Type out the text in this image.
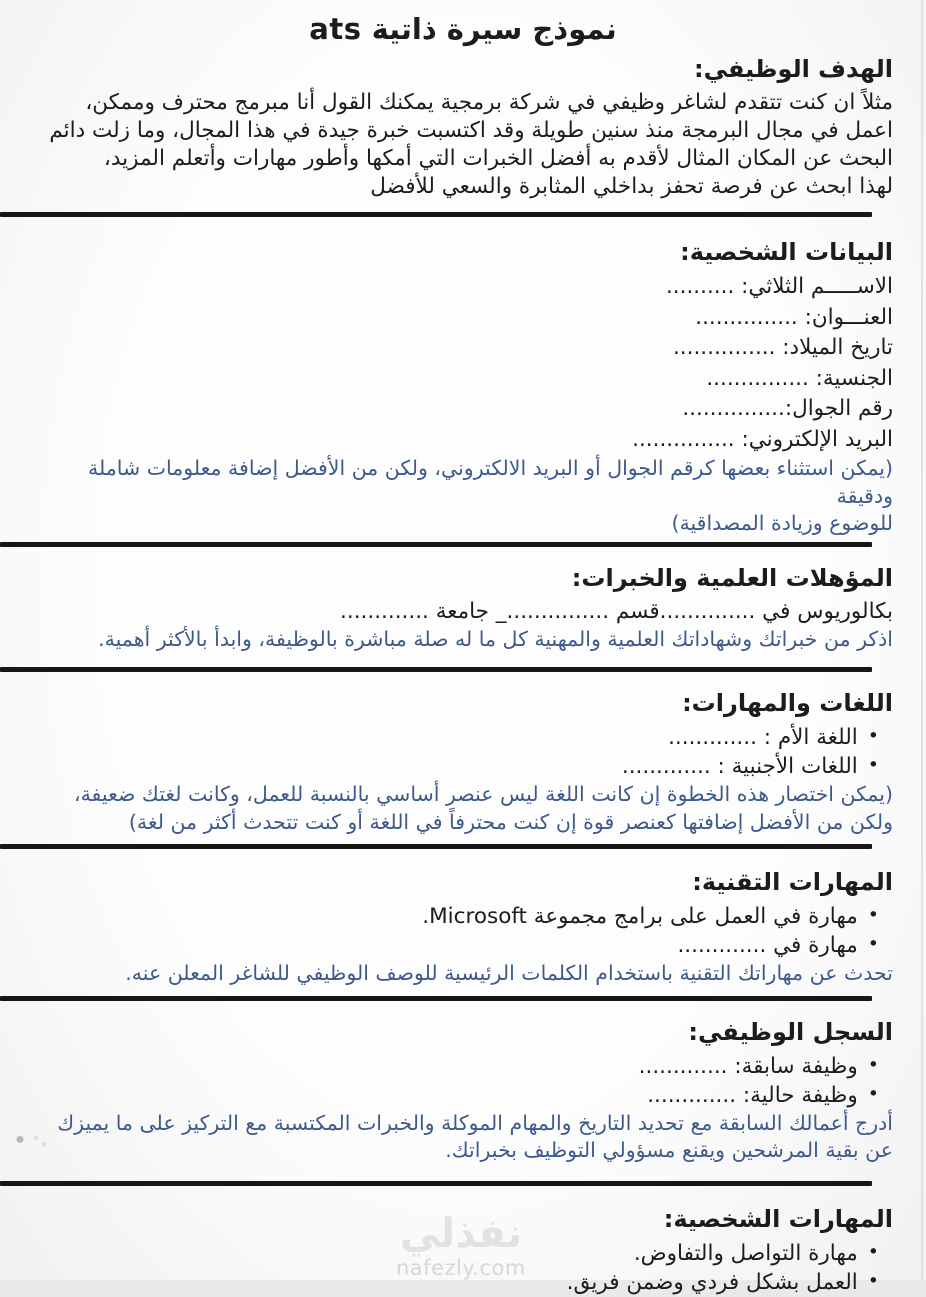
نموذج سيرة ذاتية ats
الهدف الوظيفي:

مثلاً ان كنت تتقدم لشاغر وظيفي في شركة برمجية يمكنك القول أنا مبرمج محترف وممكن،

اعمل في مجال البرمجة منذ سنين طويلة وقد اكتسبت خبرة جيدة في هذا المجال، وما زلت دائم

البحث عن المكان المثال لأقدم به أفضل الخبرات التي أمكها وأطور مهارات وأتعلم المزيد،

لهذا ابحث عن فرصة تحفز بداخلي المثابرة والسعي للأفضل

البيانات الشخصية:

الاســـــم الثلاثي: ..........

العنـــوان: ...............

تاريخ الميلاد: ...............

الجنسية: ...............

رقم الجوال:...............

البريد الإلكتروني: ...............

(يمكن استثناء بعضها كرقم الجوال أو البريد الالكتروني، ولكن من الأفضل إضافة معلومات شاملة ودقيقة

للوضوع وزيادة المصداقية)

المؤهلات العلمية والخبرات:

بكالوريوس في ..............قسم ..............._ جامعة .............

اذكر من خبراتك وشهاداتك العلمية والمهنية كل ما له صلة مباشرة بالوظيفة، وابدأ بالأكثر أهمية.

اللغات والمهارات:
•
اللغة الأم : .............
•
اللغات الأجنبية : .............

(يمكن اختصار هذه الخطوة إن كانت اللغة ليس عنصر أساسي بالنسبة للعمل، وكانت لغتك ضعيفة،

ولكن من الأفضل إضافتها كعنصر قوة إن كنت محترفاً في اللغة أو كنت تتحدث أكثر من لغة)

المهارات التقنية:
•
مهارة في العمل على برامج مجموعة Microsoft.
•
مهارة في .............

تحدث عن مهاراتك التقنية باستخدام الكلمات الرئيسية للوصف الوظيفي للشاغر المعلن عنه.

السجل الوظيفي:
•
وظيفة سابقة: .............
•
وظيفة حالية: .............

أدرج أعمالك السابقة مع تحديد التاريخ والمهام الموكلة والخبرات المكتسبة مع التركيز على ما يميزك

عن بقية المرشحين ويقنع مسؤولي التوظيف بخبراتك.

المهارات الشخصية:
•
مهارة التواصل والتفاوض.
•
العمل بشكل فردي وضمن فريق.
نفذلي
nafezly.com
